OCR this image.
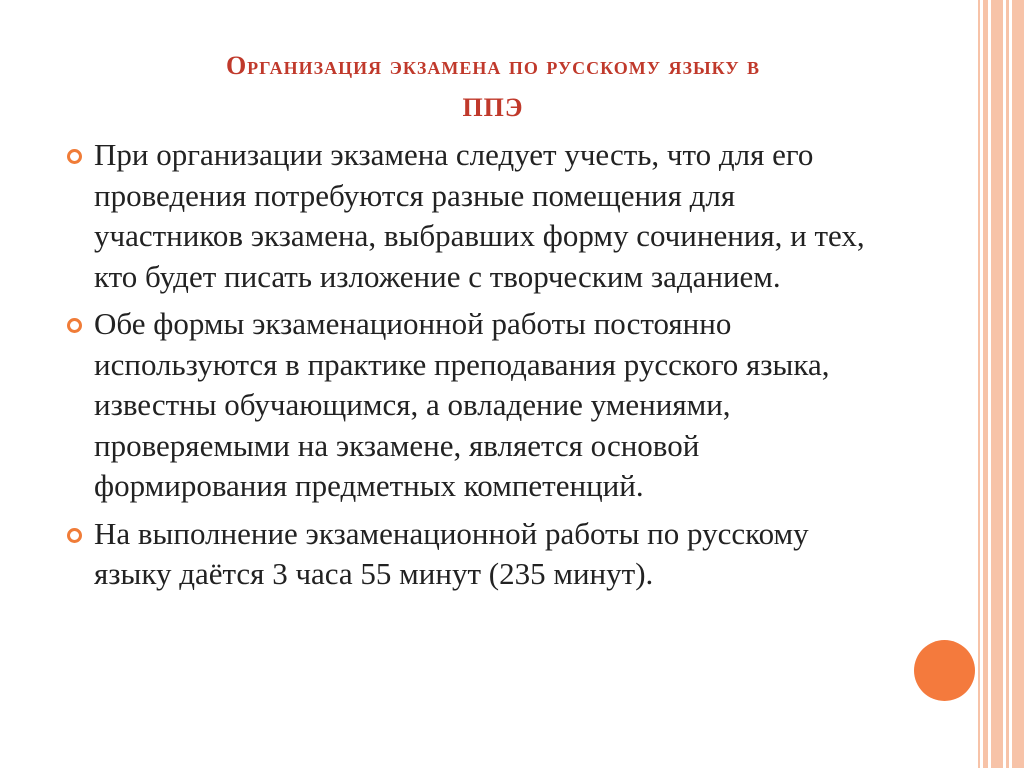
Организация экзамена по русскому языку в
ППЭ
При организации экзамена следует учесть, что для его проведения потребуются разные помещения для участников экзамена, выбравших форму сочинения, и тех, кто будет писать изложение с творческим заданием.
Обе формы экзаменационной работы постоянно используются в практике преподавания русского языка, известны обучающимся, а овладение умениями, проверяемыми на экзамене, является основой формирования предметных компетенций.
На выполнение экзаменационной работы по русскому языку даётся 3 часа 55 минут (235 минут).
